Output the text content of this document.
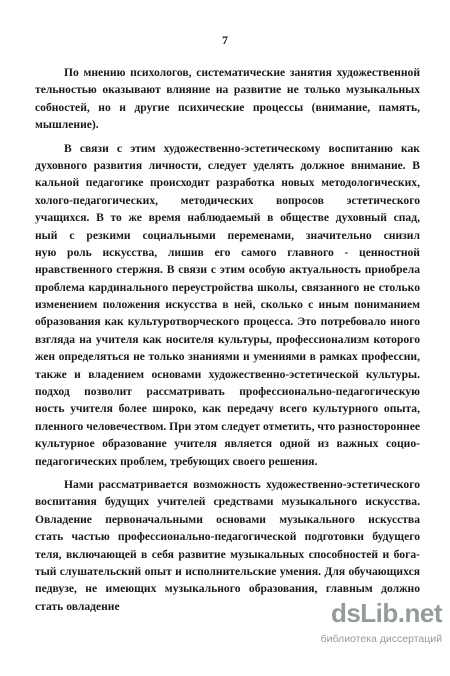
7
По мнению психологов, систематические занятия художественной
тельностью оказывают влияние на развитие не только музыкальных
собностей, но и другие психические процессы (внимание, память,
мышление).
В связи с этим художественно-эстетическому воспитанию как
духовного развития личности, следует уделять должное внимание. В
кальной педагогике происходит разработка новых методологических,
холого-педагогических, методических вопросов эстетического
учащихся. В то же время наблюдаемый в обществе духовный спад,
ный с резкими социальными переменами, значительно снизил
ную роль искусства, лишив его самого главного - ценностной
нравственного стержня. В связи с этим особую актуальность приобрела
проблема кардинального переустройства школы, связанного не столько
изменением положения искусства в ней, сколько с иным пониманием
образования как культуротворческого процесса. Это потребовало иного
взгляда на учителя как носителя культуры, профессионализм которого
жен определяться не только знаниями и умениями в рамках профессии,
также и владением основами художественно-эстетической культуры.
подход позволит рассматривать профессионально-педагогическую
ность учителя более широко, как передачу всего культурного опыта,
пленного человечеством. При этом следует отметить, что разностороннее
культурное образование учителя является одной из важных социо-
педагогических проблем, требующих своего решения.
Нами рассматривается возможность художественно-эстетического
воспитания будущих учителей средствами музыкального искусства.
Овладение первоначальными основами музыкального искусства
стать частью профессионально-педагогической подготовки будущего
теля, включающей в себя развитие музыкальных способностей и бога-
тый слушательский опыт и исполнительские умения. Для обучающихся
педвузе, не имеющих музыкального образования, главным должно
стать овладение	dsLib.net
библиотека диссертаций
